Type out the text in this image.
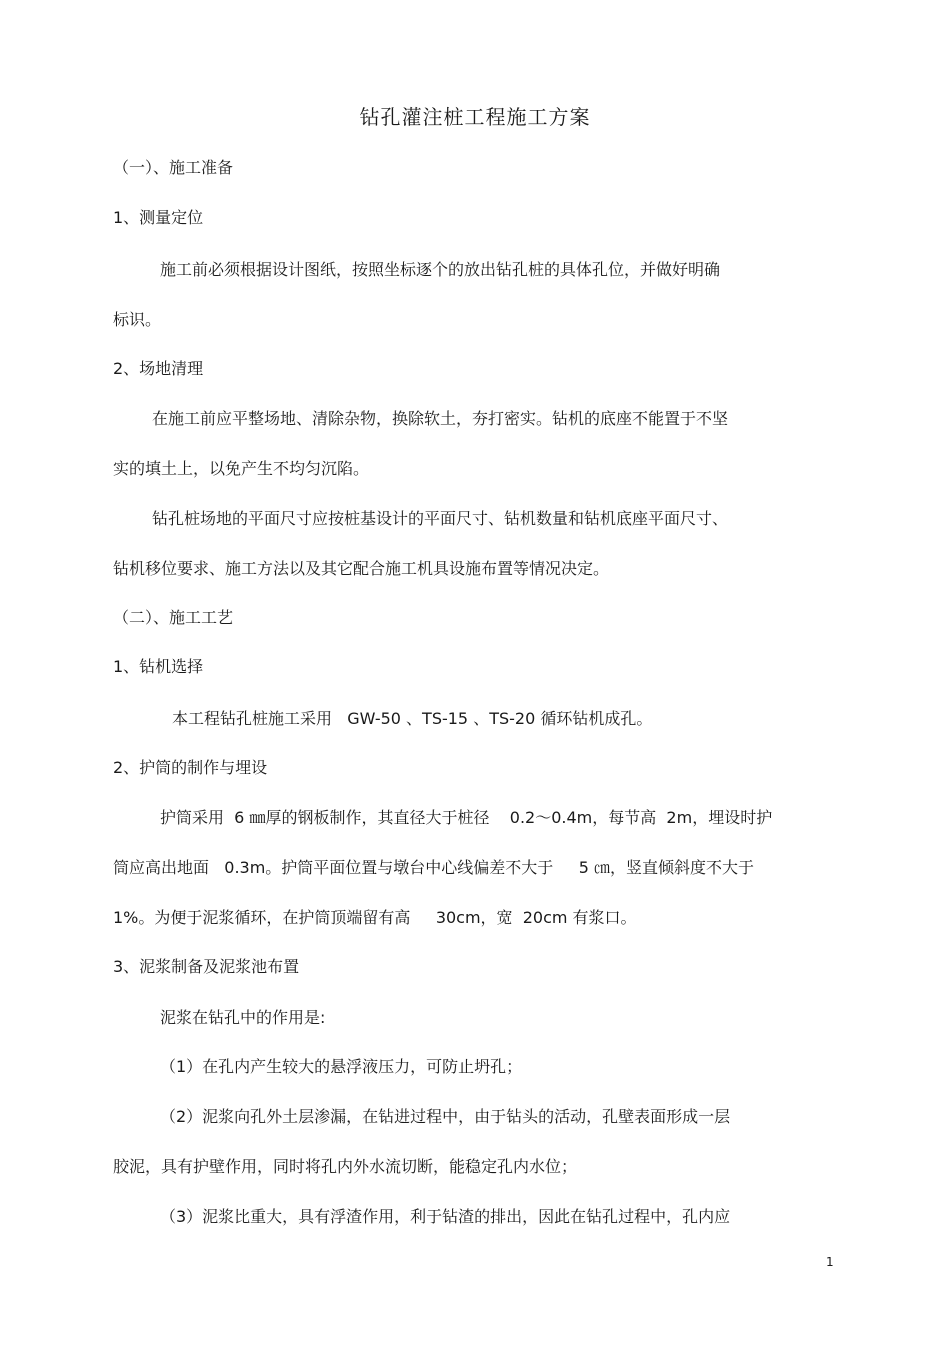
钻孔灌注桩工程施工方案
（一）、施工准备
1、测量定位
施工前必须根据设计图纸，按照坐标逐个的放出钻孔桩的具体孔位，并做好明确
标识。
2、场地清理
在施工前应平整场地、清除杂物，换除软土，夯打密实。钻机的底座不能置于不坚
实的填土上，以免产生不均匀沉陷。
钻孔桩场地的平面尺寸应按桩基设计的平面尺寸、钻机数量和钻机底座平面尺寸、
钻机移位要求、施工方法以及其它配合施工机具设施布置等情况决定。
（二）、施工工艺
1、钻机选择
本工程钻孔桩施工采用   GW-50 、TS-15 、TS-20 循环钻机成孔。
2、护筒的制作与埋设
护筒采用  6 ㎜厚的钢板制作，其直径大于桩径    0.2～0.4m，每节高  2m，埋设时护
筒应高出地面   0.3m。护筒平面位置与墩台中心线偏差不大于     5 ㎝，竖直倾斜度不大于
1%。为便于泥浆循环，在护筒顶端留有高     30cm，宽  20cm 有浆口。
3、泥浆制备及泥浆池布置
泥浆在钻孔中的作用是:
（1）在孔内产生较大的悬浮液压力，可防止坍孔；
（2）泥浆向孔外土层渗漏，在钻进过程中，由于钻头的活动，孔壁表面形成一层
胶泥，具有护壁作用，同时将孔内外水流切断，能稳定孔内水位；
（3）泥浆比重大，具有浮渣作用，利于钻渣的排出，因此在钻孔过程中，孔内应
1
